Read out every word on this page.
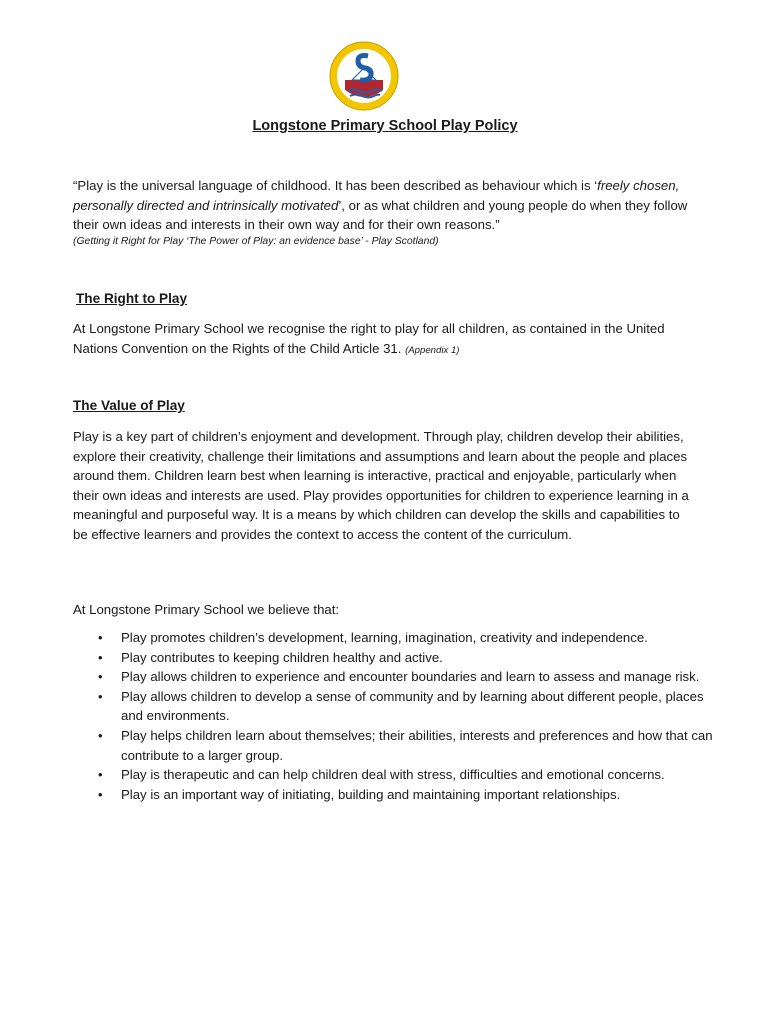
Longstone Primary School Play Policy
“Play is the universal language of childhood. It has been described as behaviour which is ‘freely chosen, personally directed and intrinsically motivated’, or as what children and young people do when they follow their own ideas and interests in their own way and for their own reasons.”
(Getting it Right for Play ‘The Power of Play: an evidence base’ - Play Scotland)
The Right to Play
At Longstone Primary School we recognise the right to play for all children, as contained in the United Nations Convention on the Rights of the Child Article 31. (Appendix 1)
The Value of Play
Play is a key part of children’s enjoyment and development. Through play, children develop their abilities, explore their creativity, challenge their limitations and assumptions and learn about the people and places around them. Children learn best when learning is interactive, practical and enjoyable, particularly when their own ideas and interests are used. Play provides opportunities for children to experience learning in a meaningful and purposeful way. It is a means by which children can develop the skills and capabilities to be effective learners and provides the context to access the content of the curriculum.
At Longstone Primary School we believe that:
• Play promotes children’s development, learning, imagination, creativity and independence.
• Play contributes to keeping children healthy and active.
• Play allows children to experience and encounter boundaries and learn to assess and manage risk.
• Play allows children to develop a sense of community and by learning about different people, places and environments.
• Play helps children learn about themselves; their abilities, interests and preferences and how that can contribute to a larger group.
• Play is therapeutic and can help children deal with stress, difficulties and emotional concerns.
• Play is an important way of initiating, building and maintaining important relationships.
